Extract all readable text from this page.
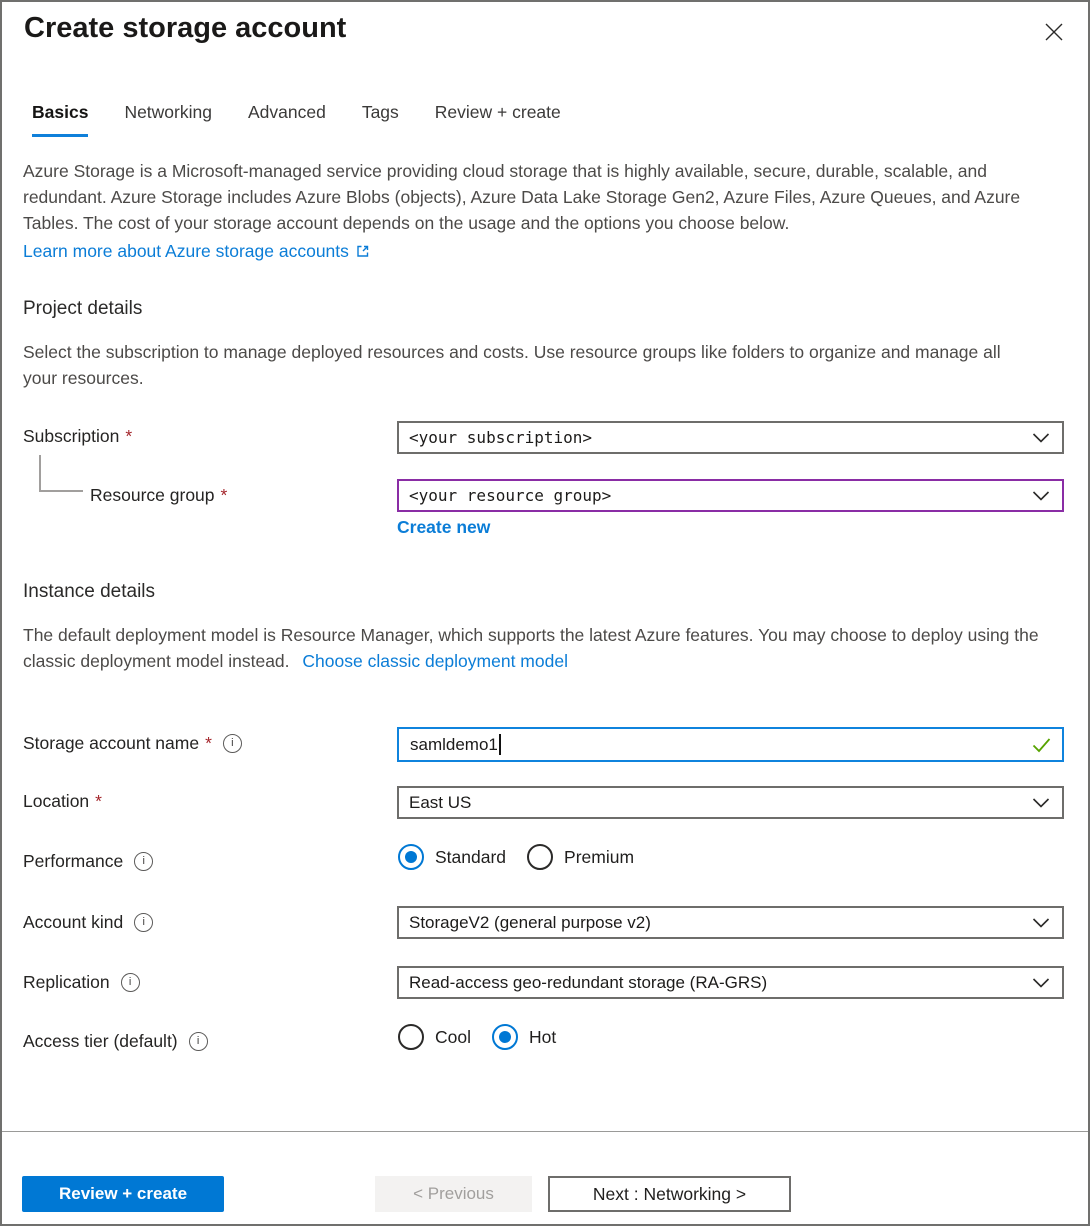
Create storage account
Basics Networking Advanced Tags Review + create
Azure Storage is a Microsoft-managed service providing cloud storage that is highly available, secure, durable, scalable, and redundant. Azure Storage includes Azure Blobs (objects), Azure Data Lake Storage Gen2, Azure Files, Azure Queues, and Azure Tables. The cost of your storage account depends on the usage and the options you choose below.
Learn more about Azure storage accounts
Project details
Select the subscription to manage deployed resources and costs. Use resource groups like folders to organize and manage all your resources.
Subscription *	<your subscription>
Resource group *	<your resource group>
Create new
Instance details
The default deployment model is Resource Manager, which supports the latest Azure features. You may choose to deploy using the classic deployment model instead. Choose classic deployment model
Storage account name *	i	samldemo1
Location *	East US
Performance	i	Standard	Premium
Account kind	i	StorageV2 (general purpose v2)
Replication	i	Read-access geo-redundant storage (RA-GRS)
Access tier (default)	i	Cool	Hot
Review + create	< Previous	Next : Networking >
